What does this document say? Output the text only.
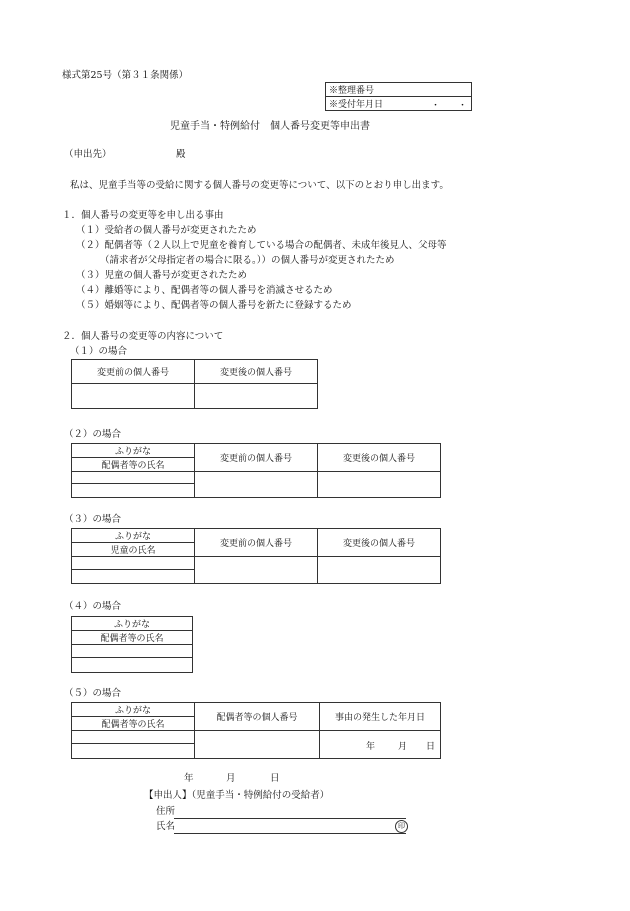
様式第25号（第３１条関係）
※整理番号
※受付年月日	・　　・
児童手当・特例給付　個人番号変更等申出書
（申出先）	殿
私は、児童手当等の受給に関する個人番号の変更等について、以下のとおり申し出ます。
１．個人番号の変更等を申し出る事由
（１）受給者の個人番号が変更されたため
（２）配偶者等（２人以上で児童を養育している場合の配偶者、未成年後見人、父母等
（請求者が父母指定者の場合に限る。））の個人番号が変更されたため
（３）児童の個人番号が変更されたため
（４）離婚等により、配偶者等の個人番号を消滅させるため
（５）婚姻等により、配偶者等の個人番号を新たに登録するため
２．個人番号の変更等の内容について
（１）の場合
変更前の個人番号	変更後の個人番号

（２）の場合
ふりがな	変更前の個人番号	変更後の個人番号
配偶者等の氏名		

（３）の場合
ふりがな	変更前の個人番号	変更後の個人番号
児童の氏名		

（４）の場合
ふりがな
配偶者等の氏名

（５）の場合
ふりがな	配偶者等の個人番号	事由の発生した年月日
配偶者等の氏名		

		年 月 日

年	月	日
【申出人】（児童手当・特例給付の受給者）
住所
氏名	印
